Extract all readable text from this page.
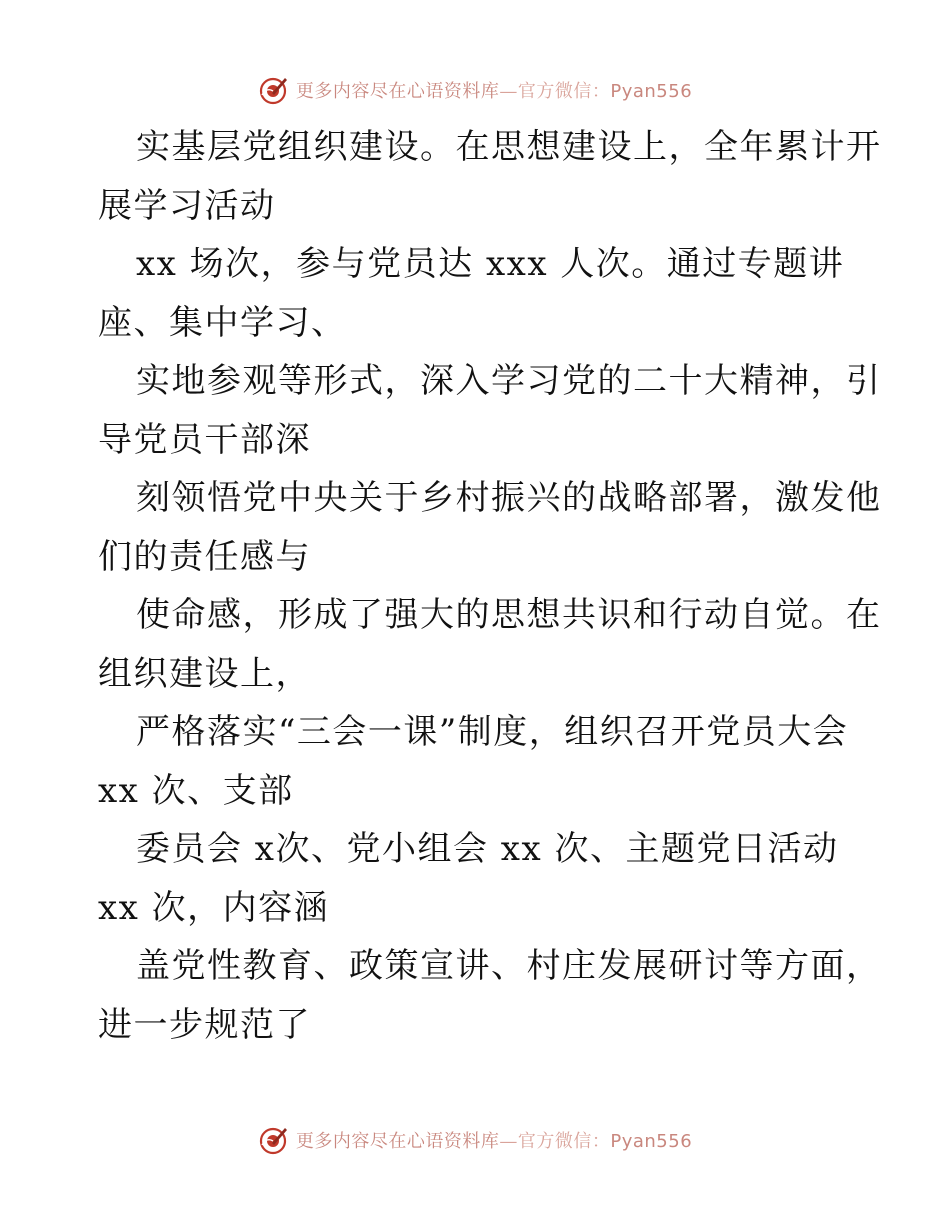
更多内容尽在心语资料库—官方微信：Pyan556
实基层党组织建设。在思想建设上，全年累计开
展学习活动
xx 场次，参与党员达 xxx 人次。通过专题讲
座、集中学习、
实地参观等形式，深入学习党的二十大精神，引
导党员干部深
刻领悟党中央关于乡村振兴的战略部署，激发他
们的责任感与
使命感，形成了强大的思想共识和行动自觉。在
组织建设上，
严格落实“三会一课”制度，组织召开党员大会
xx 次、支部
委员会 x次、党小组会 xx 次、主题党日活动
xx 次，内容涵
盖党性教育、政策宣讲、村庄发展研讨等方面，
进一步规范了
更多内容尽在心语资料库—官方微信：Pyan556
